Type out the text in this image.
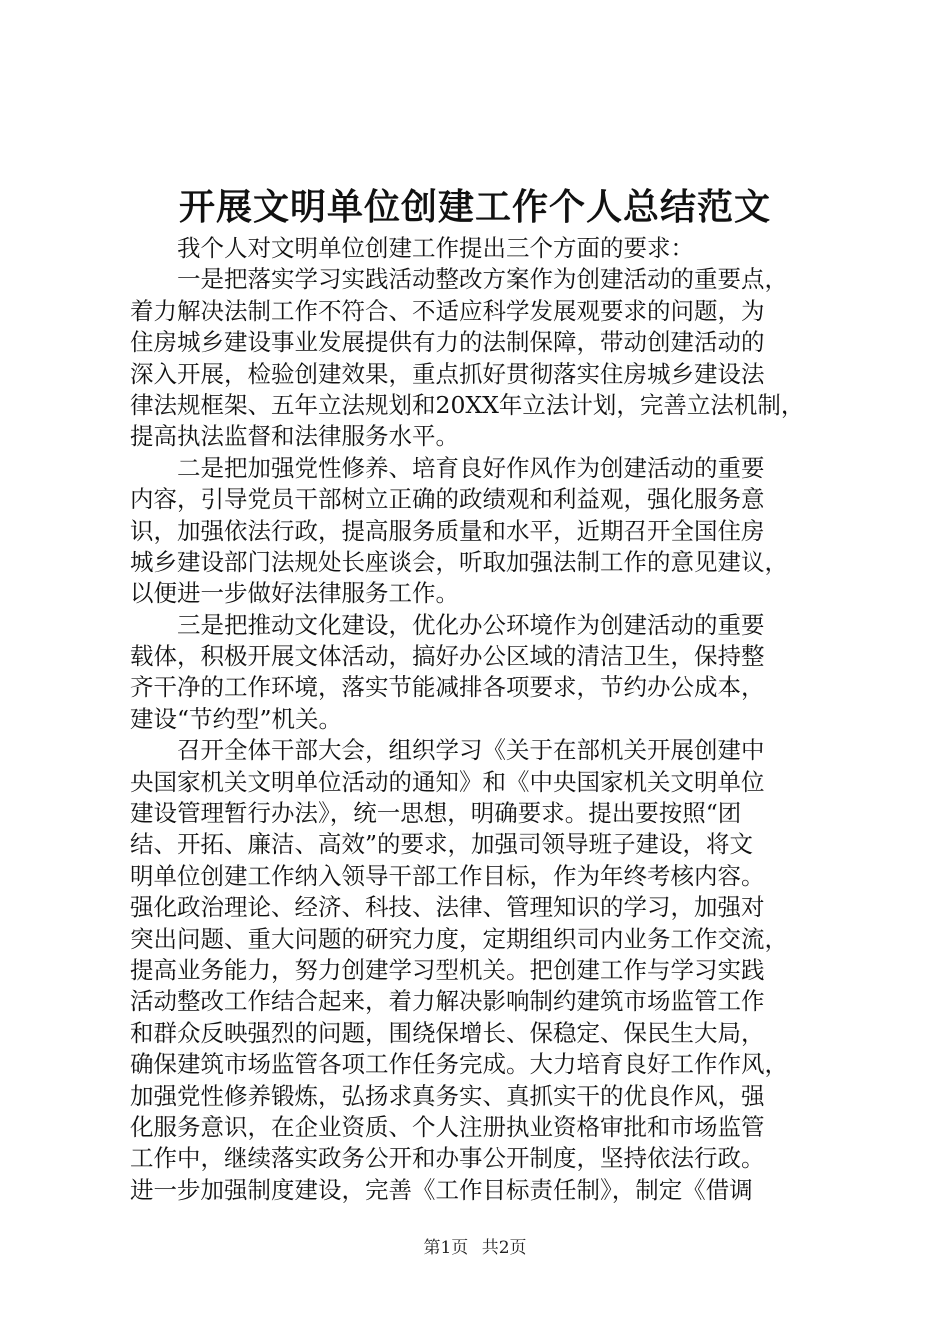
开展文明单位创建工作个人总结范文
我个人对文明单位创建工作提出三个方面的要求：
一是把落实学习实践活动整改方案作为创建活动的重要点，
着力解决法制工作不符合、不适应科学发展观要求的问题，为
住房城乡建设事业发展提供有力的法制保障，带动创建活动的
深入开展，检验创建效果，重点抓好贯彻落实住房城乡建设法
律法规框架、五年立法规划和20XX年立法计划，完善立法机制，
提高执法监督和法律服务水平。
二是把加强党性修养、培育良好作风作为创建活动的重要
内容，引导党员干部树立正确的政绩观和利益观，强化服务意
识，加强依法行政，提高服务质量和水平，近期召开全国住房
城乡建设部门法规处长座谈会，听取加强法制工作的意见建议，
以便进一步做好法律服务工作。
三是把推动文化建设，优化办公环境作为创建活动的重要
载体，积极开展文体活动，搞好办公区域的清洁卫生，保持整
齐干净的工作环境，落实节能减排各项要求，节约办公成本，
建设“节约型”机关。
召开全体干部大会，组织学习《关于在部机关开展创建中
央国家机关文明单位活动的通知》和《中央国家机关文明单位
建设管理暂行办法》，统一思想，明确要求。提出要按照“团
结、开拓、廉洁、高效”的要求，加强司领导班子建设，将文
明单位创建工作纳入领导干部工作目标，作为年终考核内容。
强化政治理论、经济、科技、法律、管理知识的学习，加强对
突出问题、重大问题的研究力度，定期组织司内业务工作交流，
提高业务能力，努力创建学习型机关。把创建工作与学习实践
活动整改工作结合起来，着力解决影响制约建筑市场监管工作
和群众反映强烈的问题，围绕保增长、保稳定、保民生大局，
确保建筑市场监管各项工作任务完成。大力培育良好工作作风，
加强党性修养锻炼，弘扬求真务实、真抓实干的优良作风，强
化服务意识，在企业资质、个人注册执业资格审批和市场监管
工作中，继续落实政务公开和办事公开制度，坚持依法行政。
进一步加强制度建设，完善《工作目标责任制》，制定《借调
第1页 共2页
